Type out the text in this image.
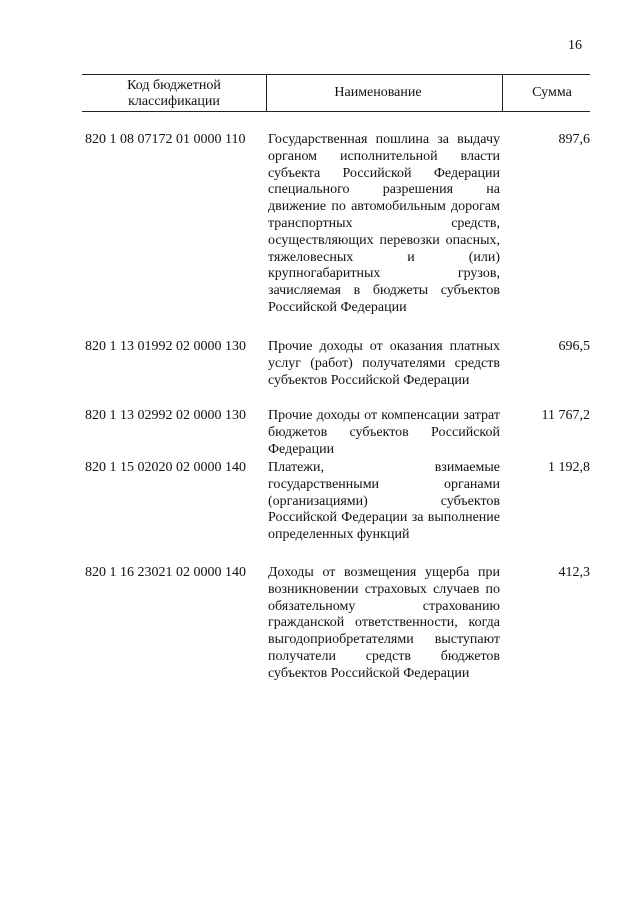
16
Код бюджетной
классификации
Наименование	Сумма
820 1 08 07172 01 0000 110 Государственная пошлина за выдачу органом исполнительной власти субъекта Российской Федерации специального разрешения на движение по автомобильным дорогам транспортных средств, осуществляющих перевозки опасных, тяжеловесных и (или) крупногабаритных грузов, зачисляемая в бюджеты субъектов Российской Федерации
897,6
820 1 13 01992 02 0000 130 Прочие доходы от оказания платных услуг (работ) получателями средств субъектов Российской Федерации
696,5
820 1 13 02992 02 0000 130 Прочие доходы от компенсации затрат бюджетов субъектов Российской Федерации
11 767,2
820 1 15 02020 02 0000 140 Платежи, взимаемые государственными органами (организациями) субъектов Российской Федерации за выполнение определенных функций
1 192,8
820 1 16 23021 02 0000 140 Доходы от возмещения ущерба при возникновении страховых случаев по обязательному страхованию гражданской ответственности, когда выгодоприобретателями выступают получатели средств бюджетов субъектов Российской Федерации
412,3
